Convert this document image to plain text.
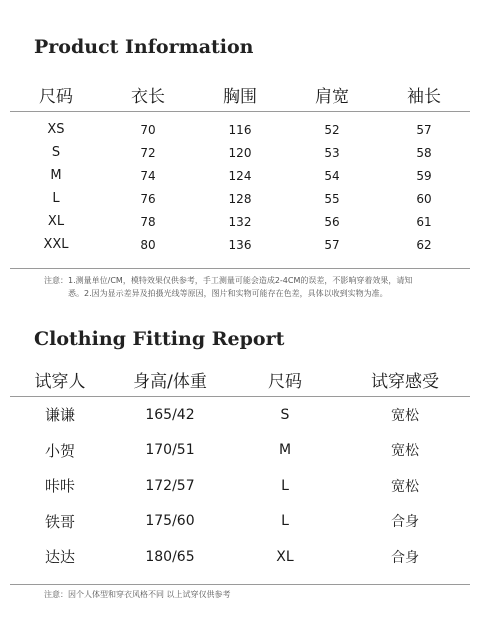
Product Information
尺码	衣长	胸围	肩宽	袖长

XS	70	116	52	57
S	72	120	53	58
M	74	124	54	59
L	76	128	55	60
XL	78	132	56	61
XXL	80	136	57	62
注意：1.测量单位/CM，模特效果仅供参考，手工测量可能会造成2-4CM的误差，不影响穿着效果，请知
悉。2.因为显示差异及拍摄光线等原因，图片和实物可能存在色差，具体以收到实物为准。
Clothing Fitting Report
试穿人	身高/体重	尺码	试穿感受
谦谦	165/42	S	宽松
小贺	170/51	M	宽松
咔咔	172/57	L	宽松
铁哥	175/60	L	合身
达达	180/65	XL	合身
注意：因个人体型和穿衣风格不同 以上试穿仅供参考
